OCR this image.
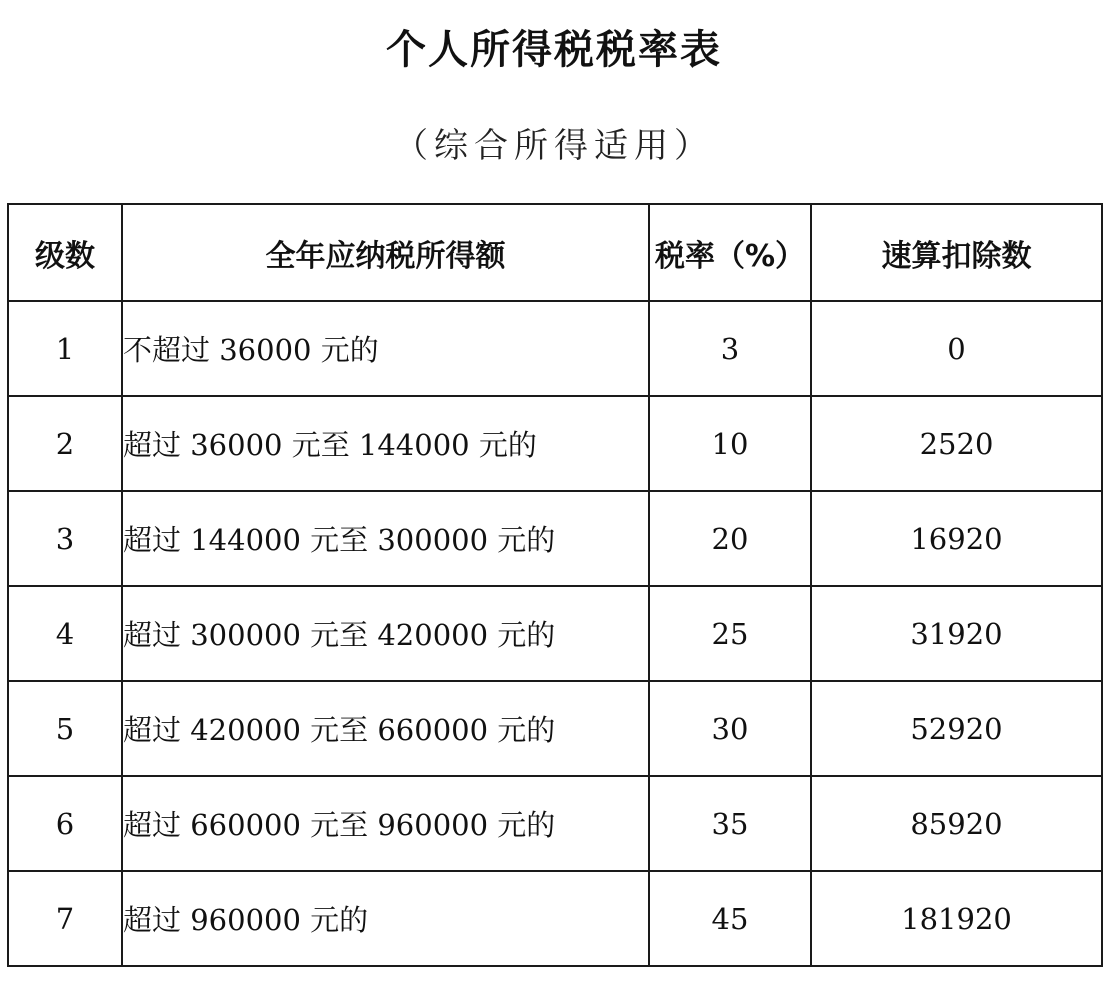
个人所得税税率表
（综合所得适用）
级数	全年应纳税所得额	税率（%）	速算扣除数
1	不超过 36000 元的	3	0
2	超过 36000 元至 144000 元的	10	2520
3	超过 144000 元至 300000 元的	20	16920
4	超过 300000 元至 420000 元的	25	31920
5	超过 420000 元至 660000 元的	30	52920
6	超过 660000 元至 960000 元的	35	85920
7	超过 960000 元的	45	181920
